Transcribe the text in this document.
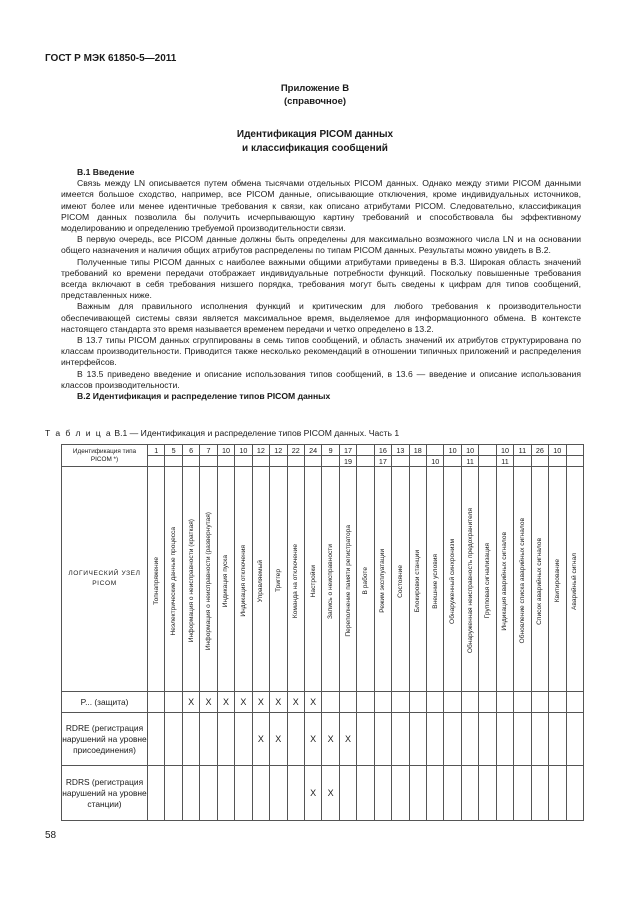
ГОСТ Р МЭК 61850-5—2011
Приложение В
(справочное)
Идентификация PICOM данных
и классификация сообщений
В.1 Введение

Связь между LN описывается путем обмена тысячами отдельных PICOM данных. Однако между этими PICOM данными имеется большое сходство, например, все PICOM данные, описывающие отключения, кроме индивидуальных источников, имеют более или менее идентичные требования к связи, как описано атрибутами PICOM. Следовательно, классификация PICOM данных позволила бы получить исчерпывающую картину требований и способствовала бы эффективному моделированию и определению требуемой производительности связи.

В первую очередь, все PICOM данные должны быть определены для максимально возможного числа LN и на основании общего назначения и наличия общих атрибутов распределены по типам PICOM данных. Результаты можно увидеть в В.2.

Полученные типы PICOM данных с наиболее важными общими атрибутами приведены в В.3. Широкая область значений требований ко времени передачи отображает индивидуальные потребности функций. Поскольку повышенные требования всегда включают в себя требования низшего порядка, требования могут быть сведены к цифрам для типов сообщений, представленных ниже.

Важным для правильного исполнения функций и критическим для любого требования к производительности обеспечивающей системы связи является максимальное время, выделяемое для информационного обмена. В контексте настоящего стандарта это время называется временем передачи и четко определено в 13.2.

В 13.7 типы PICOM данных сгруппированы в семь типов сообщений, и область значений их атрибутов структурирована по классам производительности. Приводится также несколько рекомендаций в отношении типичных приложений и распределения интерфейсов.

В 13.5 приведено введение и описание использования типов сообщений, в 13.6 — введение и описание использования классов производительности.

В.2 Идентификация и распределение типов PICOM данных
Т а б л и ц а В.1 — Идентификация и распределение типов PICOM данных. Часть 1
Идентификация типа PICOM *)	1	5	6	7	10	10	12	12	22	24	9	17		16	13	18		10	10		10	11	26	10	
												19		17			10		11		11				
ЛОГИЧЕСКИЙ УЗЕЛ PICOM	Топнапряжение	Неэлектрические данные процесса	Информация о неисправности (краткая)	Информация о неисправности (развернутая)	Индикация пуска	Индикация отключения	Управляемый	Триггер	Команда на отключение	Настройки	Запись о неисправности	Переполнение памяти регистратора	В работе	Режим эксплуатации	Состояние	Блокировки станции	Внешние условия	Обнаруженный синхронизм	Обнаруженная неисправность предохранителя	Групповая сигнализация	Индикация аварийных сигналов	Обновление списка аварийных сигналов	Список аварийных сигналов	Квитирование	Аварийный сигнал
P... (защита)			X	X	X	X	X	X	X	X															
RDRE (регистрация нарушений на уровне присоединения)							X	X		X	X	X													
RDRS (регистрация нарушений на уровне станции)										X	X														
58
